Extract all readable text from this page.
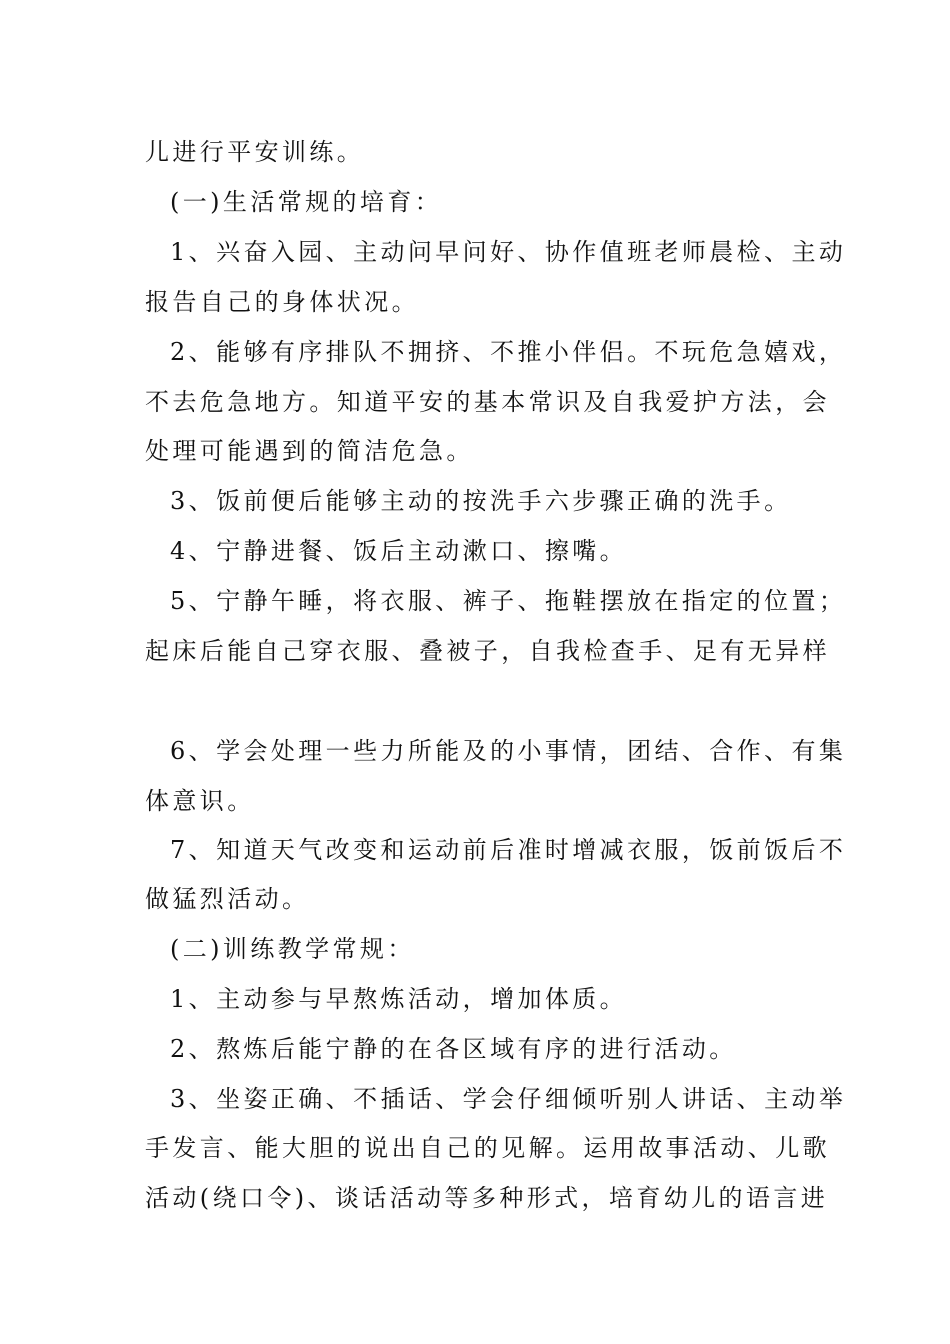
儿进行平安训练。
(一)生活常规的培育：
1、兴奋入园、主动问早问好、协作值班老师晨检、主动
报告自己的身体状况。
2、能够有序排队不拥挤、不推小伴侣。不玩危急嬉戏，
不去危急地方。知道平安的基本常识及自我爱护方法，会
处理可能遇到的简洁危急。
3、饭前便后能够主动的按洗手六步骤正确的洗手。
4、宁静进餐、饭后主动漱口、擦嘴。
5、宁静午睡，将衣服、裤子、拖鞋摆放在指定的位置；
起床后能自己穿衣服、叠被子，自我检查手、足有无异样
6、学会处理一些力所能及的小事情，团结、合作、有集
体意识。
7、知道天气改变和运动前后准时增减衣服，饭前饭后不
做猛烈活动。
(二)训练教学常规：
1、主动参与早熬炼活动，增加体质。
2、熬炼后能宁静的在各区域有序的进行活动。
3、坐姿正确、不插话、学会仔细倾听别人讲话、主动举
手发言、能大胆的说出自己的见解。运用故事活动、儿歌
活动(绕口令)、谈话活动等多种形式，培育幼儿的语言进
